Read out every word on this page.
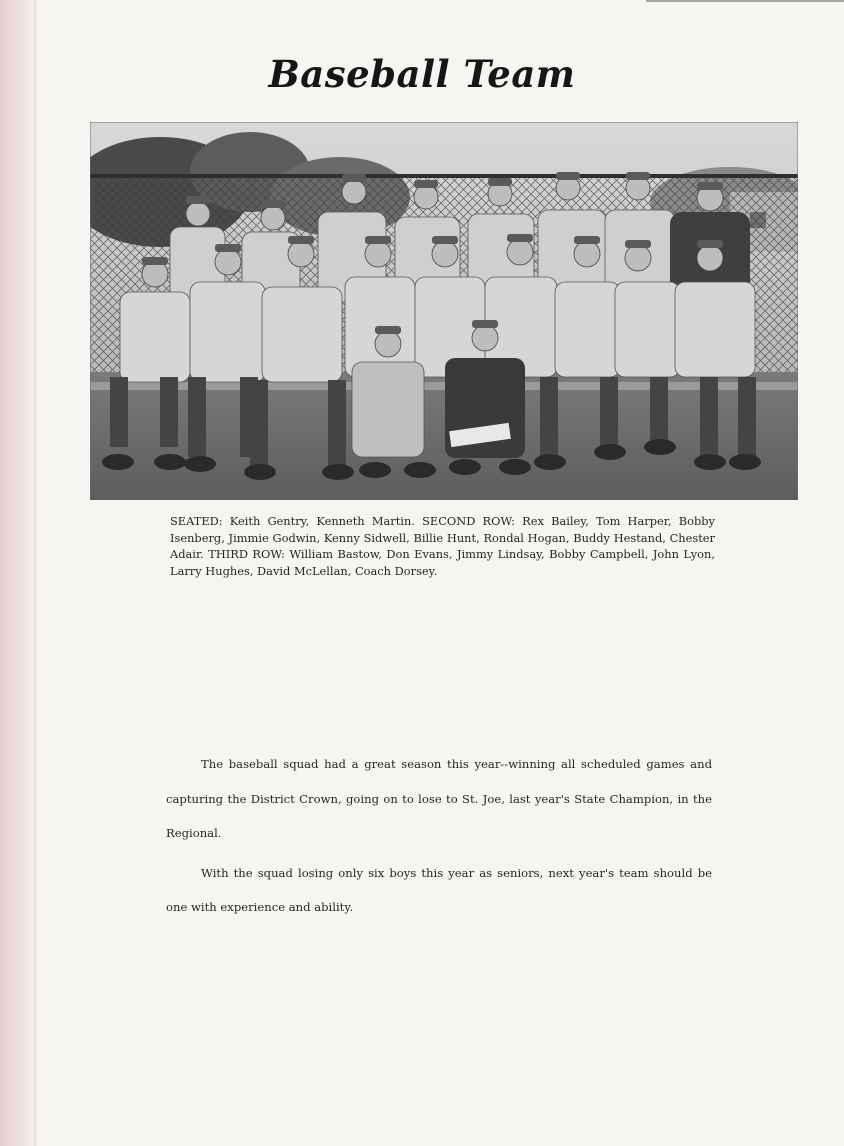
Baseball Team
SEATED: Keith Gentry, Kenneth Martin. SECOND ROW: Rex Bailey, Tom Harper, Bobby Isenberg, Jimmie Godwin, Kenny Sidwell, Billie Hunt, Rondal Hogan, Buddy Hestand, Chester Adair. THIRD ROW: William Bastow, Don Evans, Jimmy Lindsay, Bobby Campbell, John Lyon, Larry Hughes, David McLellan, Coach Dorsey.

The baseball squad had a great season this year--winning all scheduled games and capturing the District Crown, going on to lose to St. Joe, last year's State Champion, in the Regional.

With the squad losing only six boys this year as seniors, next year's team should be one with experience and ability.
